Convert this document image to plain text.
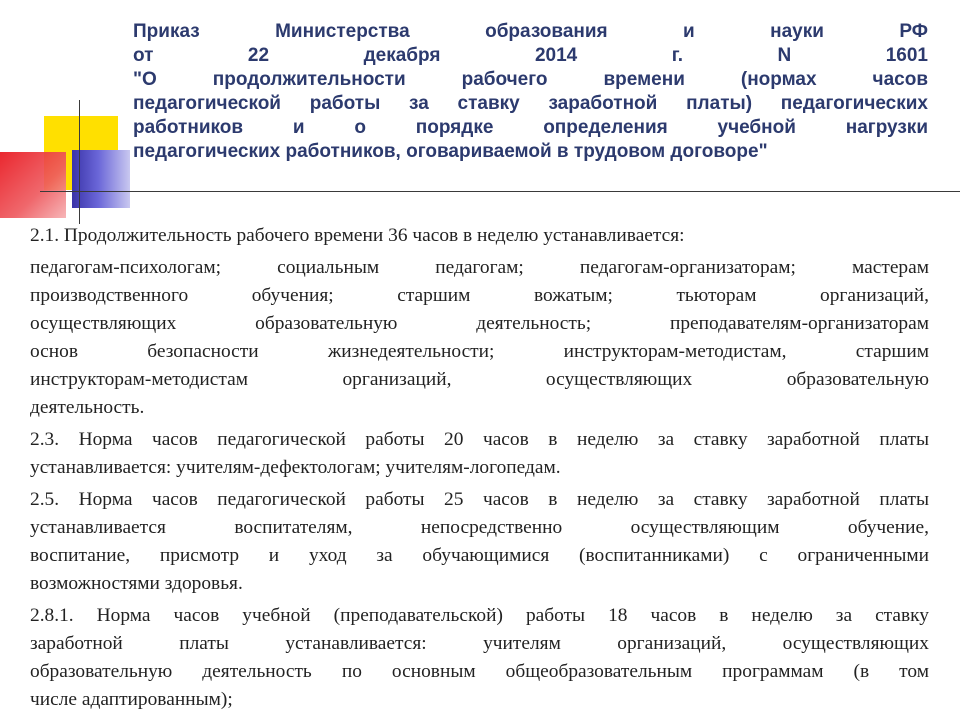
Приказ Министерства образования и науки РФ
от 22 декабря 2014 г. N 1601
"О продолжительности рабочего времени (нормах часов
педагогической работы за ставку заработной платы) педагогических
работников и о порядке определения учебной нагрузки
педагогических работников, оговариваемой в трудовом договоре"

2.1. Продолжительность рабочего времени 36 часов в неделю устанавливается:

педагогам-психологам; социальным педагогам; педагогам-организаторам; мастерам
производственного обучения; старшим вожатым; тьюторам организаций,
осуществляющих образовательную деятельность; преподавателям-организаторам
основ безопасности жизнедеятельности; инструкторам-методистам, старшим
инструкторам-методистам организаций, осуществляющих образовательную
деятельность.

2.3. Норма часов педагогической работы 20 часов в неделю за ставку заработной платы
устанавливается: учителям-дефектологам; учителям-логопедам.

2.5. Норма часов педагогической работы 25 часов в неделю за ставку заработной платы
устанавливается воспитателям, непосредственно осуществляющим обучение,
воспитание, присмотр и уход за обучающимися (воспитанниками) с ограниченными
возможностями здоровья.

2.8.1. Норма часов учебной (преподавательской) работы 18 часов в неделю за ставку
заработной платы устанавливается: учителям организаций, осуществляющих
образовательную деятельность по основным общеобразовательным программам (в том
числе адаптированным);
